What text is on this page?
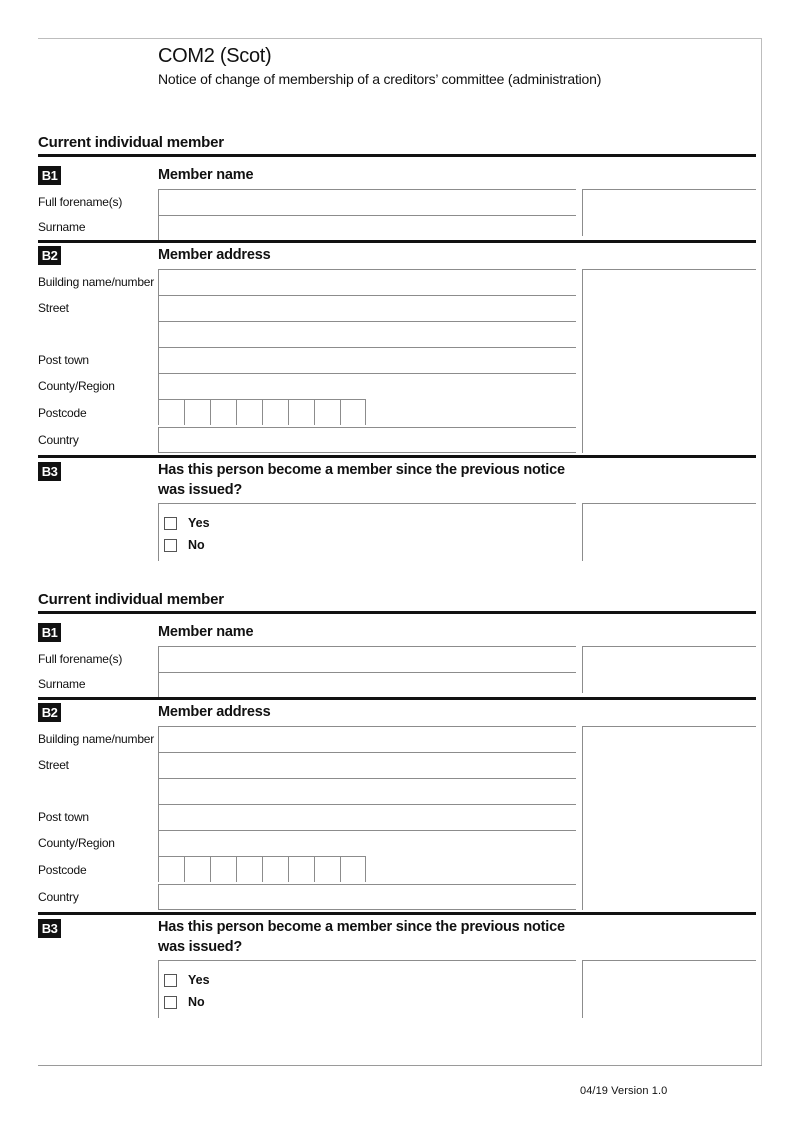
COM2 (Scot)
Notice of change of membership of a creditors’ committee (administration)
Current individual member
B1	Member name
Full forename(s)
Surname
B2	Member address
Building name/number
Street
Post town
County/Region
Postcode
Country
B3	Has this person become a member since the previous notice was issued?
Yes
No
Current individual member
B1	Member name
Full forename(s)
Surname
B2	Member address
Building name/number
Street
Post town
County/Region
Postcode
Country
B3	Has this person become a member since the previous notice was issued?
Yes
No
04/19 Version 1.0
